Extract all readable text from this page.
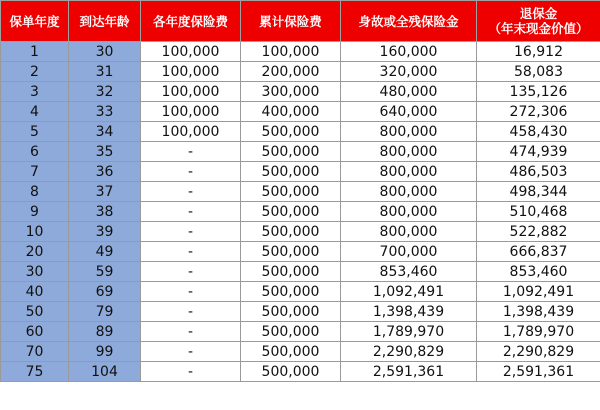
保单年度	到达年龄	各年度保险费	累计保险费	身故或全残保险金	退保金
（年末现金价值）
1	30	100,000	100,000	160,000	16,912
2	31	100,000	200,000	320,000	58,083
3	32	100,000	300,000	480,000	135,126
4	33	100,000	400,000	640,000	272,306
5	34	100,000	500,000	800,000	458,430
6	35	-	500,000	800,000	474,939
7	36	-	500,000	800,000	486,503
8	37	-	500,000	800,000	498,344
9	38	-	500,000	800,000	510,468
10	39	-	500,000	800,000	522,882
20	49	-	500,000	700,000	666,837
30	59	-	500,000	853,460	853,460
40	69	-	500,000	1,092,491	1,092,491
50	79	-	500,000	1,398,439	1,398,439
60	89	-	500,000	1,789,970	1,789,970
70	99	-	500,000	2,290,829	2,290,829
75	104	-	500,000	2,591,361	2,591,361
